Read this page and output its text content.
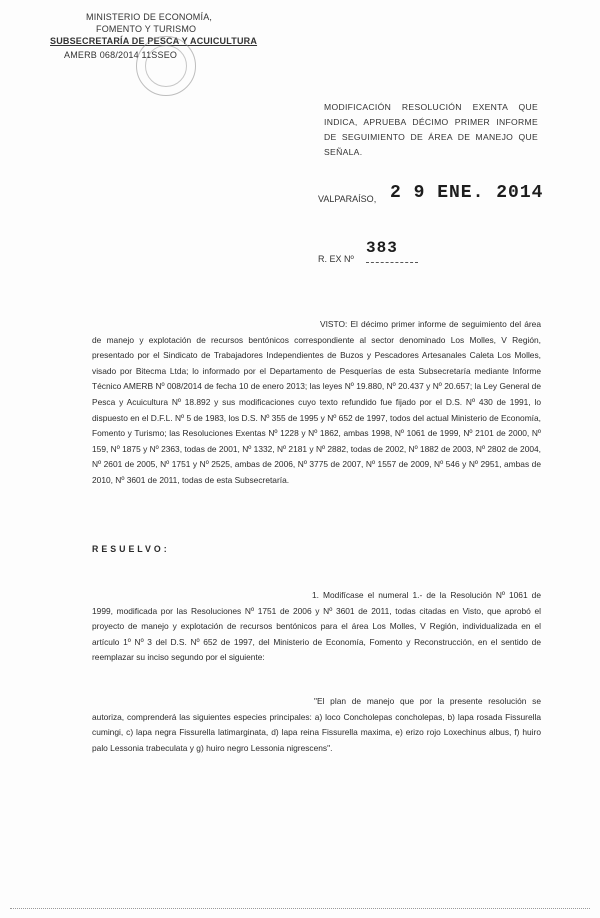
MINISTERIO DE ECONOMÍA,
FOMENTO Y TURISMO
SUBSECRETARÍA DE PESCA Y ACUICULTURA
AMERB 068/2014 11SSEO
MODIFICACIÓN RESOLUCIÓN EXENTA QUE INDICA, APRUEBA DÉCIMO PRIMER INFORME DE SEGUIMIENTO DE ÁREA DE MANEJO QUE SEÑALA.
VALPARAÍSO, 2 9 ENE. 2014
R. EX Nº
383
VISTO: El décimo primer informe de seguimiento del área de manejo y explotación de recursos bentónicos correspondiente al sector denominado Los Molles, V Región, presentado por el Sindicato de Trabajadores Independientes de Buzos y Pescadores Artesanales Caleta Los Molles, visado por Bitecma Ltda; lo informado por el Departamento de Pesquerías de esta Subsecretaría mediante Informe Técnico AMERB Nº 008/2014 de fecha 10 de enero 2013; las leyes Nº 19.880, Nº 20.437 y Nº 20.657; la Ley General de Pesca y Acuicultura Nº 18.892 y sus modificaciones cuyo texto refundido fue fijado por el D.S. Nº 430 de 1991, lo dispuesto en el D.F.L. Nº 5 de 1983, los D.S. Nº 355 de 1995 y Nº 652 de 1997, todos del actual Ministerio de Economía, Fomento y Turismo; las Resoluciones Exentas Nº 1228 y Nº 1862, ambas 1998, Nº 1061 de 1999, Nº 2101 de 2000, Nº 159, Nº 1875 y Nº 2363, todas de 2001, Nº 1332, Nº 2181 y Nº 2882, todas de 2002, Nº 1882 de 2003, Nº 2802 de 2004, Nº 2601 de 2005, Nº 1751 y Nº 2525, ambas de 2006, Nº 3775 de 2007, Nº 1557 de 2009, Nº 546 y Nº 2951, ambas de 2010, Nº 3601 de 2011, todas de esta Subsecretaría.
RESUELVO:
1. Modifícase el numeral 1.- de la Resolución Nº 1061 de 1999, modificada por las Resoluciones Nº 1751 de 2006 y Nº 3601 de 2011, todas citadas en Visto, que aprobó el proyecto de manejo y explotación de recursos bentónicos para el área Los Molles, V Región, individualizada en el artículo 1º Nº 3 del D.S. Nº 652 de 1997, del Ministerio de Economía, Fomento y Reconstrucción, en el sentido de reemplazar su inciso segundo por el siguiente:
"El plan de manejo que por la presente resolución se autoriza, comprenderá las siguientes especies principales: a) loco Concholepas concholepas, b) lapa rosada Fissurella cumingi, c) lapa negra Fissurella latimarginata, d) lapa reina Fissurella maxima, e) erizo rojo Loxechinus albus, f) huiro palo Lessonia trabeculata y g) huiro negro Lessonia nigrescens".
